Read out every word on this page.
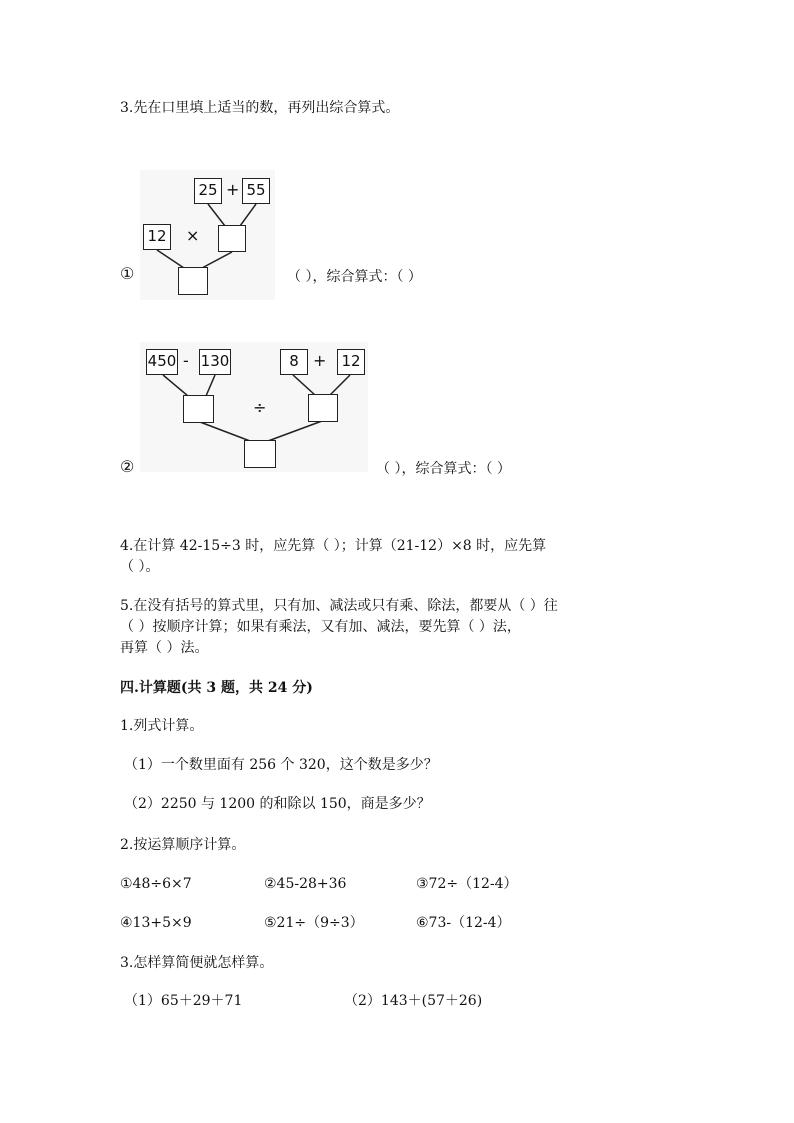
3.先在口里填上适当的数，再列出综合算式。
25 + 55
12 ×
①	（ ），综合算式：（ ）
450 - 130	8 + 12
÷
②	（ ），综合算式：（ ）
4.在计算 42-15÷3 时，应先算（ ）；计算（21-12）×8 时，应先算
（ ）。
5.在没有括号的算式里，只有加、减法或只有乘、除法，都要从（ ）往
（ ）按顺序计算；如果有乘法，又有加、减法，要先算（ ）法，
再算（ ）法。
四.计算题(共 3 题，共 24 分)
1.列式计算。
（1）一个数里面有 256 个 320，这个数是多少？
（2）2250 与 1200 的和除以 150，商是多少？
2.按运算顺序计算。
①48÷6×7	②45-28+36	③72÷（12-4）
④13+5×9	⑤21÷（9÷3）	⑥73-（12-4）
3.怎样算简便就怎样算。
（1）65＋29＋71	（2）143＋(57＋26)
